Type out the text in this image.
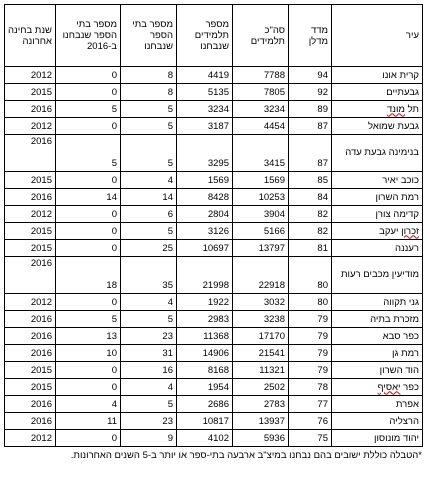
עיר	מדד מדלן	סה"כ תלמידים	מספר תלמידים שנבחנו	מספר בתי הספר שנבחנו	מספר בתי הספר שנבחנו ב-2016	שנת בחינה אחרונה
קרית אונו	94	7788	4419	8	0	2012
גבעתיים	92	7805	5135	8	0	2015
תל מונד	89	3234	3234	5	5	2016
גבעת שמואל	87	4454	3187	5	0	2012
בנימינה גבעת עדה	87	3415	3295	5	5	2016
כוכב יאיר	85	1569	1569	4	0	2015
רמת השרון	84	10253	8428	14	14	2016
קדימה צורן	82	3904	2804	6	0	2012
זכרון יעקב	82	5166	3126	5	0	2015
רעננה	81	13797	10697	25	0	2015
מודיעין מכבים רעות	80	22918	21998	35	18	2016
גני תקווה	80	3032	1922	4	0	2012
מזכרת בתיה	79	3238	2983	5	5	2016
כפר סבא	79	17170	11368	23	13	2016
רמת גן	79	21541	14906	31	10	2016
הוד השרון	79	11321	8168	16	0	2015
כפר יאסיף	78	2502	1954	4	0	2015
אפרת	77	2783	2686	5	4	2016
הרצליה	76	13937	10817	23	11	2016
יהוד מונוסון	75	5936	4102	9	0	2012
*הטבלה כוללת ישובים בהם נבחנו במיצ"ב ארבעה בתי-ספר או יותר ב-5 השנים האחרונות.
